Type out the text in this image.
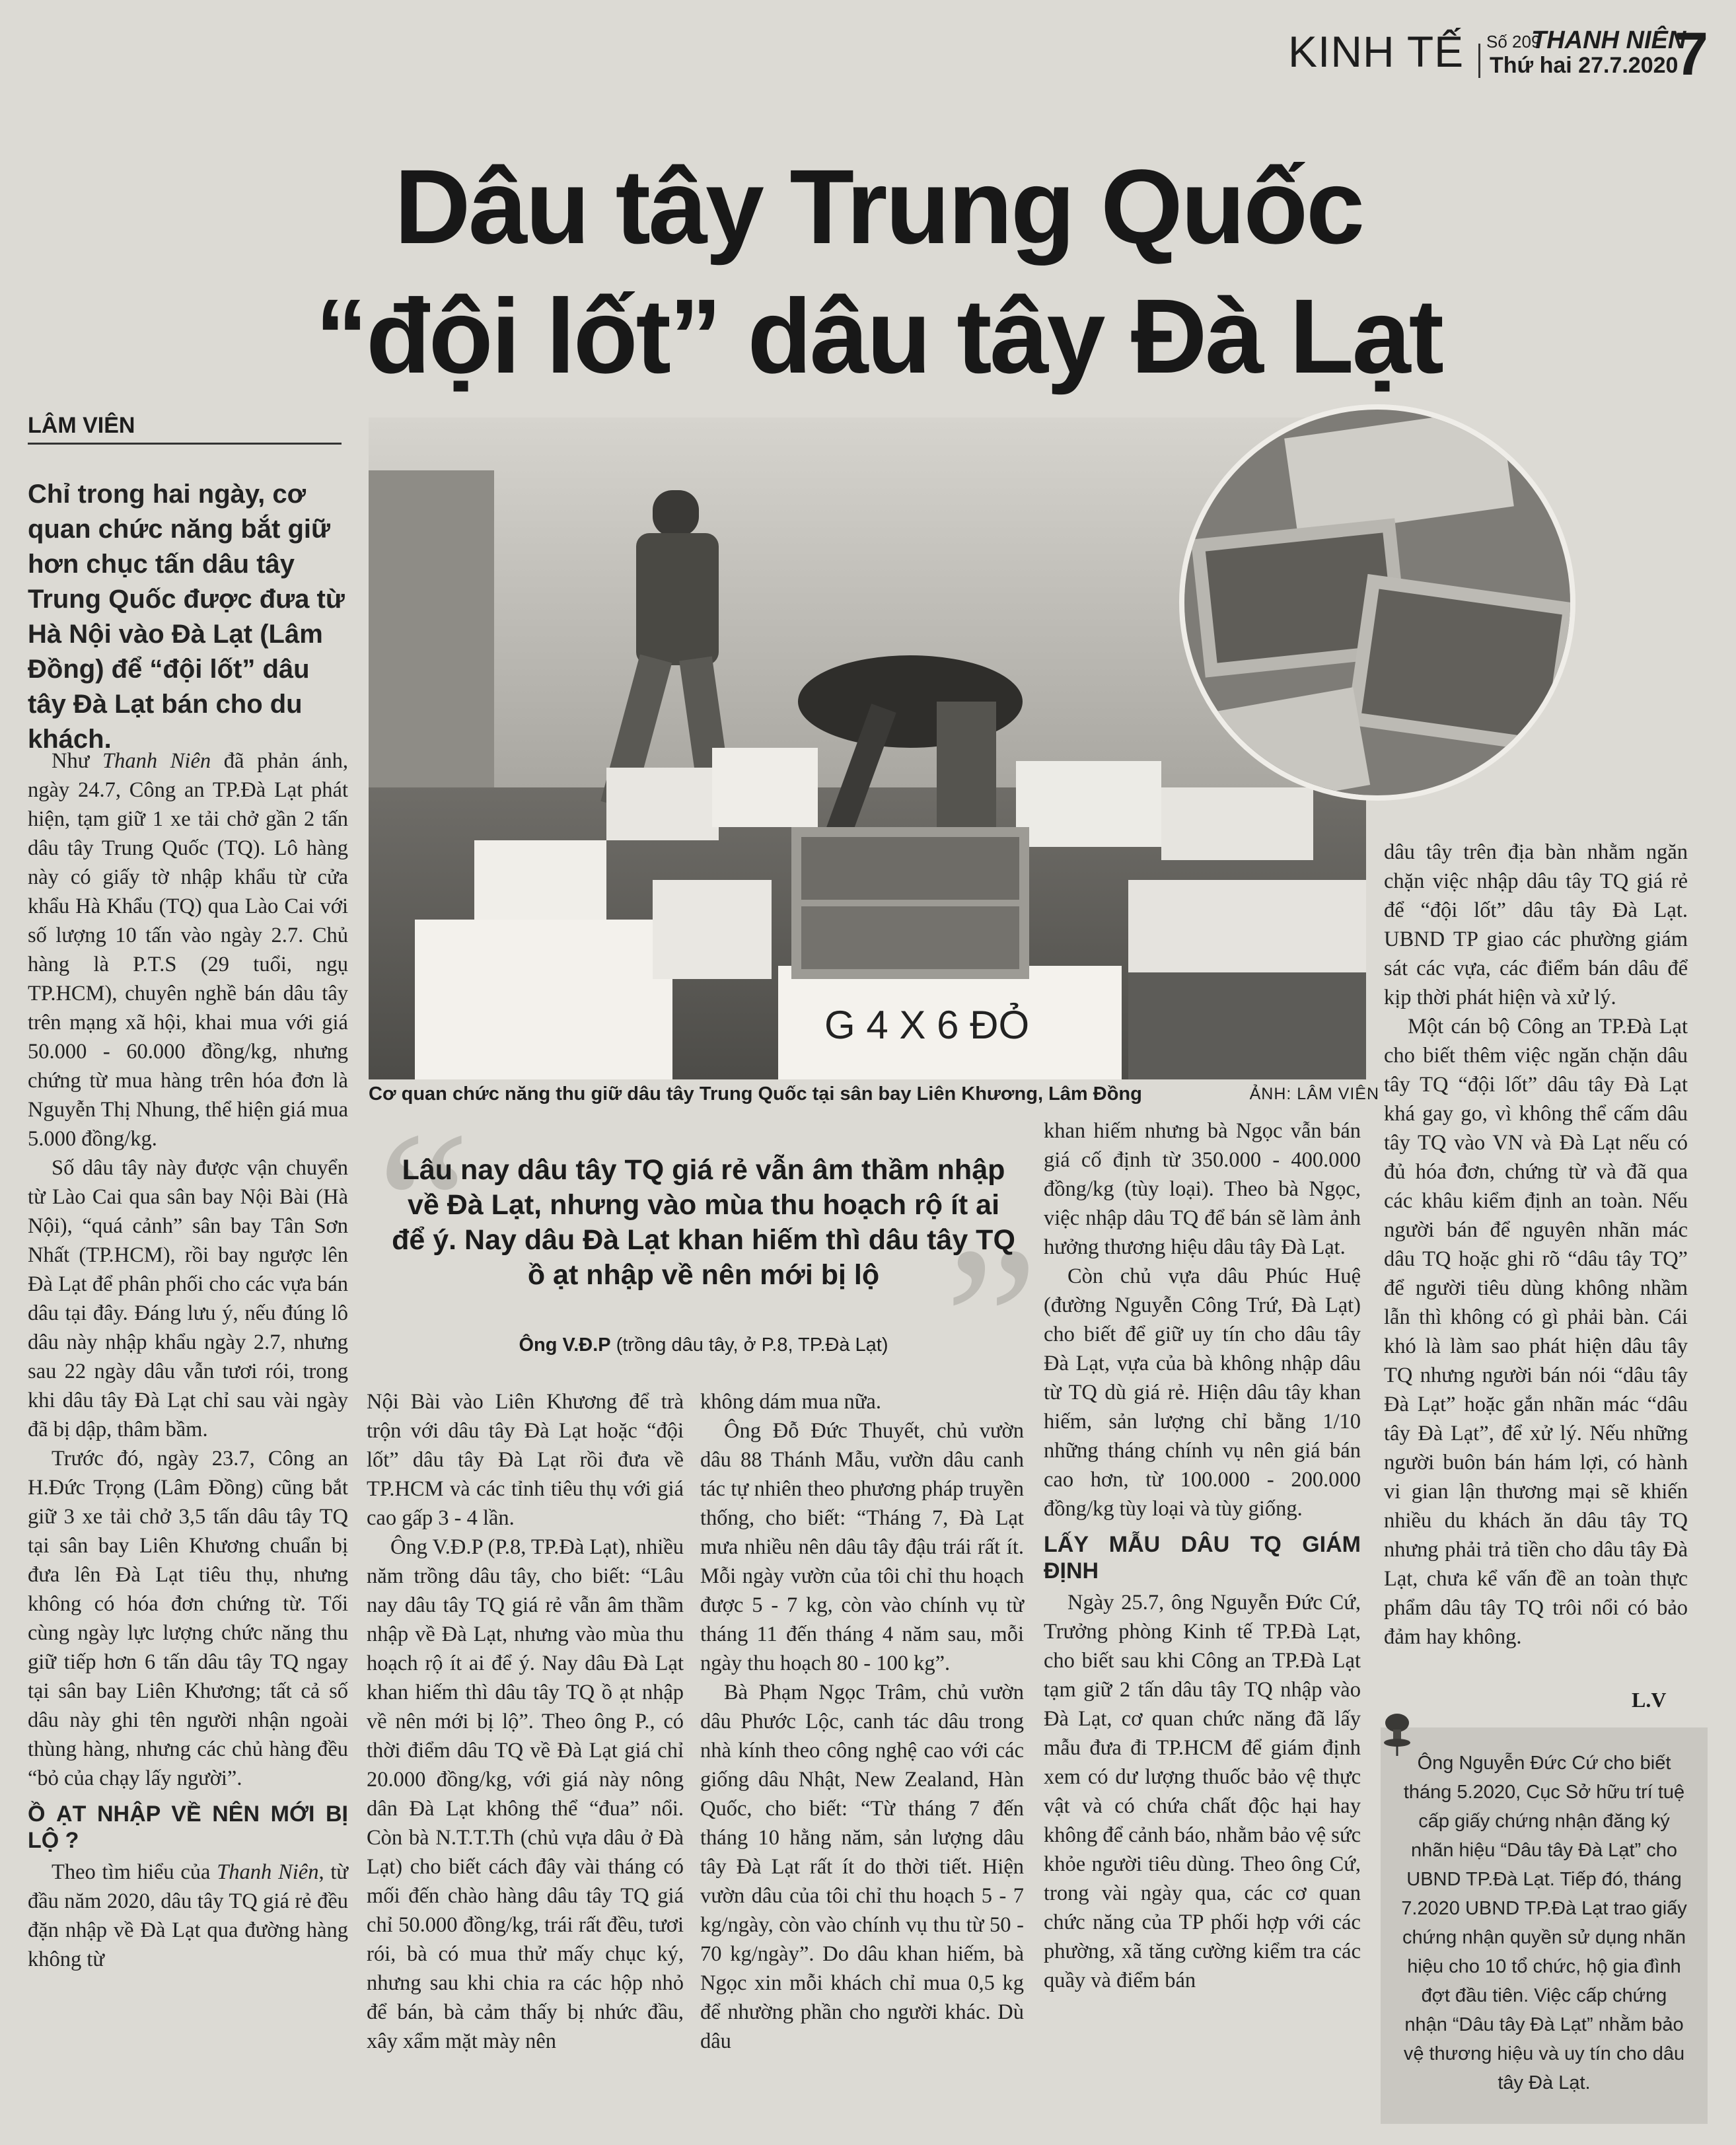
KINH TẾ Số 209
THANH NIÊN
Thứ hai 27.7.2020
7
Dâu tây Trung Quốc
“đội lốt” dâu tây Đà Lạt
LÂM VIÊN
Chỉ trong hai ngày, cơ quan chức năng bắt giữ hơn chục tấn dâu tây Trung Quốc được đưa từ Hà Nội vào Đà Lạt (Lâm Đồng) để “đội lốt” dâu tây Đà Lạt bán cho du khách.
G 4 X 6 ĐỎ
Cơ quan chức năng thu giữ dâu tây Trung Quốc tại sân bay Liên Khương, Lâm Đồng	ẢNH: LÂM VIÊN
“ ”
Lâu nay dâu tây TQ giá rẻ vẫn âm thầm nhập về Đà Lạt, nhưng vào mùa thu hoạch rộ ít ai để ý. Nay dâu Đà Lạt khan hiếm thì dâu tây TQ ồ ạt nhập về nên mới bị lộ
Ông V.Đ.P (trồng dâu tây, ở P.8, TP.Đà Lạt)

Như Thanh Niên đã phản ánh, ngày 24.7, Công an TP.Đà Lạt phát hiện, tạm giữ 1 xe tải chở gần 2 tấn dâu tây Trung Quốc (TQ). Lô hàng này có giấy tờ nhập khẩu từ cửa khẩu Hà Khẩu (TQ) qua Lào Cai với số lượng 10 tấn vào ngày 2.7. Chủ hàng là P.T.S (29 tuổi, ngụ TP.HCM), chuyên nghề bán dâu tây trên mạng xã hội, khai mua với giá 50.000 - 60.000 đồng/kg, nhưng chứng từ mua hàng trên hóa đơn là Nguyễn Thị Nhung, thể hiện giá mua 5.000 đồng/kg.

Số dâu tây này được vận chuyển từ Lào Cai qua sân bay Nội Bài (Hà Nội), “quá cảnh” sân bay Tân Sơn Nhất (TP.HCM), rồi bay ngược lên Đà Lạt để phân phối cho các vựa bán dâu tại đây. Đáng lưu ý, nếu đúng lô dâu này nhập khẩu ngày 2.7, nhưng sau 22 ngày dâu vẫn tươi rói, trong khi dâu tây Đà Lạt chỉ sau vài ngày đã bị dập, thâm bầm.

Trước đó, ngày 23.7, Công an H.Đức Trọng (Lâm Đồng) cũng bắt giữ 3 xe tải chở 3,5 tấn dâu tây TQ tại sân bay Liên Khương chuẩn bị đưa lên Đà Lạt tiêu thụ, nhưng không có hóa đơn chứng từ. Tối cùng ngày lực lượng chức năng thu giữ tiếp hơn 6 tấn dâu tây TQ ngay tại sân bay Liên Khương; tất cả số dâu này ghi tên người nhận ngoài thùng hàng, nhưng các chủ hàng đều “bỏ của chạy lấy người”.

Ồ ẠT NHẬP VỀ NÊN MỚI BỊ LỘ ?

Theo tìm hiểu của Thanh Niên, từ đầu năm 2020, dâu tây TQ giá rẻ đều đặn nhập về Đà Lạt qua đường hàng không từ

Nội Bài vào Liên Khương để trà trộn với dâu tây Đà Lạt hoặc “đội lốt” dâu tây Đà Lạt rồi đưa về TP.HCM và các tỉnh tiêu thụ với giá cao gấp 3 - 4 lần.

Ông V.Đ.P (P.8, TP.Đà Lạt), nhiều năm trồng dâu tây, cho biết: “Lâu nay dâu tây TQ giá rẻ vẫn âm thầm nhập về Đà Lạt, nhưng vào mùa thu hoạch rộ ít ai để ý. Nay dâu Đà Lạt khan hiếm thì dâu tây TQ ồ ạt nhập về nên mới bị lộ”. Theo ông P., có thời điểm dâu TQ về Đà Lạt giá chỉ 20.000 đồng/kg, với giá này nông dân Đà Lạt không thể “đua” nổi. Còn bà N.T.T.Th (chủ vựa dâu ở Đà Lạt) cho biết cách đây vài tháng có mối đến chào hàng dâu tây TQ giá chỉ 50.000 đồng/kg, trái rất đều, tươi rói, bà có mua thử mấy chục ký, nhưng sau khi chia ra các hộp nhỏ để bán, bà cảm thấy bị nhức đầu, xây xẩm mặt mày nên

không dám mua nữa.

Ông Đỗ Đức Thuyết, chủ vườn dâu 88 Thánh Mẫu, vườn dâu canh tác tự nhiên theo phương pháp truyền thống, cho biết: “Tháng 7, Đà Lạt mưa nhiều nên dâu tây đậu trái rất ít. Mỗi ngày vườn của tôi chỉ thu hoạch được 5 - 7 kg, còn vào chính vụ từ tháng 11 đến tháng 4 năm sau, mỗi ngày thu hoạch 80 - 100 kg”.

Bà Phạm Ngọc Trâm, chủ vườn dâu Phước Lộc, canh tác dâu trong nhà kính theo công nghệ cao với các giống dâu Nhật, New Zealand, Hàn Quốc, cho biết: “Từ tháng 7 đến tháng 10 hằng năm, sản lượng dâu tây Đà Lạt rất ít do thời tiết. Hiện vườn dâu của tôi chỉ thu hoạch 5 - 7 kg/ngày, còn vào chính vụ thu từ 50 - 70 kg/ngày”. Do dâu khan hiếm, bà Ngọc xin mỗi khách chỉ mua 0,5 kg để nhường phần cho người khác. Dù dâu

khan hiếm nhưng bà Ngọc vẫn bán giá cố định từ 350.000 - 400.000 đồng/kg (tùy loại). Theo bà Ngọc, việc nhập dâu TQ để bán sẽ làm ảnh hưởng thương hiệu dâu tây Đà Lạt.

Còn chủ vựa dâu Phúc Huệ (đường Nguyễn Công Trứ, Đà Lạt) cho biết để giữ uy tín cho dâu tây Đà Lạt, vựa của bà không nhập dâu từ TQ dù giá rẻ. Hiện dâu tây khan hiếm, sản lượng chỉ bằng 1/10 những tháng chính vụ nên giá bán cao hơn, từ 100.000 - 200.000 đồng/kg tùy loại và tùy giống.

LẤY MẪU DÂU TQ GIÁM ĐỊNH

Ngày 25.7, ông Nguyễn Đức Cứ, Trưởng phòng Kinh tế TP.Đà Lạt, cho biết sau khi Công an TP.Đà Lạt tạm giữ 2 tấn dâu tây TQ nhập vào Đà Lạt, cơ quan chức năng đã lấy mẫu đưa đi TP.HCM để giám định xem có dư lượng thuốc bảo vệ thực vật và có chứa chất độc hại hay không để cảnh báo, nhằm bảo vệ sức khỏe người tiêu dùng. Theo ông Cứ, trong vài ngày qua, các cơ quan chức năng của TP phối hợp với các phường, xã tăng cường kiểm tra các quầy và điểm bán

dâu tây trên địa bàn nhằm ngăn chặn việc nhập dâu tây TQ giá rẻ để “đội lốt” dâu tây Đà Lạt. UBND TP giao các phường giám sát các vựa, các điểm bán dâu để kịp thời phát hiện và xử lý.

Một cán bộ Công an TP.Đà Lạt cho biết thêm việc ngăn chặn dâu tây TQ “đội lốt” dâu tây Đà Lạt khá gay go, vì không thể cấm dâu tây TQ vào VN và Đà Lạt nếu có đủ hóa đơn, chứng từ và đã qua các khâu kiểm định an toàn. Nếu người bán để nguyên nhãn mác dâu TQ hoặc ghi rõ “dâu tây TQ” để người tiêu dùng không nhầm lẫn thì không có gì phải bàn. Cái khó là làm sao phát hiện dâu tây TQ nhưng người bán nói “dâu tây Đà Lạt” hoặc gắn nhãn mác “dâu tây Đà Lạt”, để xử lý. Nếu những người buôn bán hám lợi, có hành vi gian lận thương mại sẽ khiến nhiều du khách ăn dâu tây TQ nhưng phải trả tiền cho dâu tây Đà Lạt, chưa kể vấn đề an toàn thực phẩm dâu tây TQ trôi nổi có bảo đảm hay không.

L.V
Ông Nguyễn Đức Cứ cho biết tháng 5.2020, Cục Sở hữu trí tuệ cấp giấy chứng nhận đăng ký nhãn hiệu “Dâu tây Đà Lạt” cho UBND TP.Đà Lạt. Tiếp đó, tháng 7.2020 UBND TP.Đà Lạt trao giấy chứng nhận quyền sử dụng nhãn hiệu cho 10 tổ chức, hộ gia đình đợt đầu tiên. Việc cấp chứng nhận “Dâu tây Đà Lạt” nhằm bảo vệ thương hiệu và uy tín cho dâu tây Đà Lạt.
